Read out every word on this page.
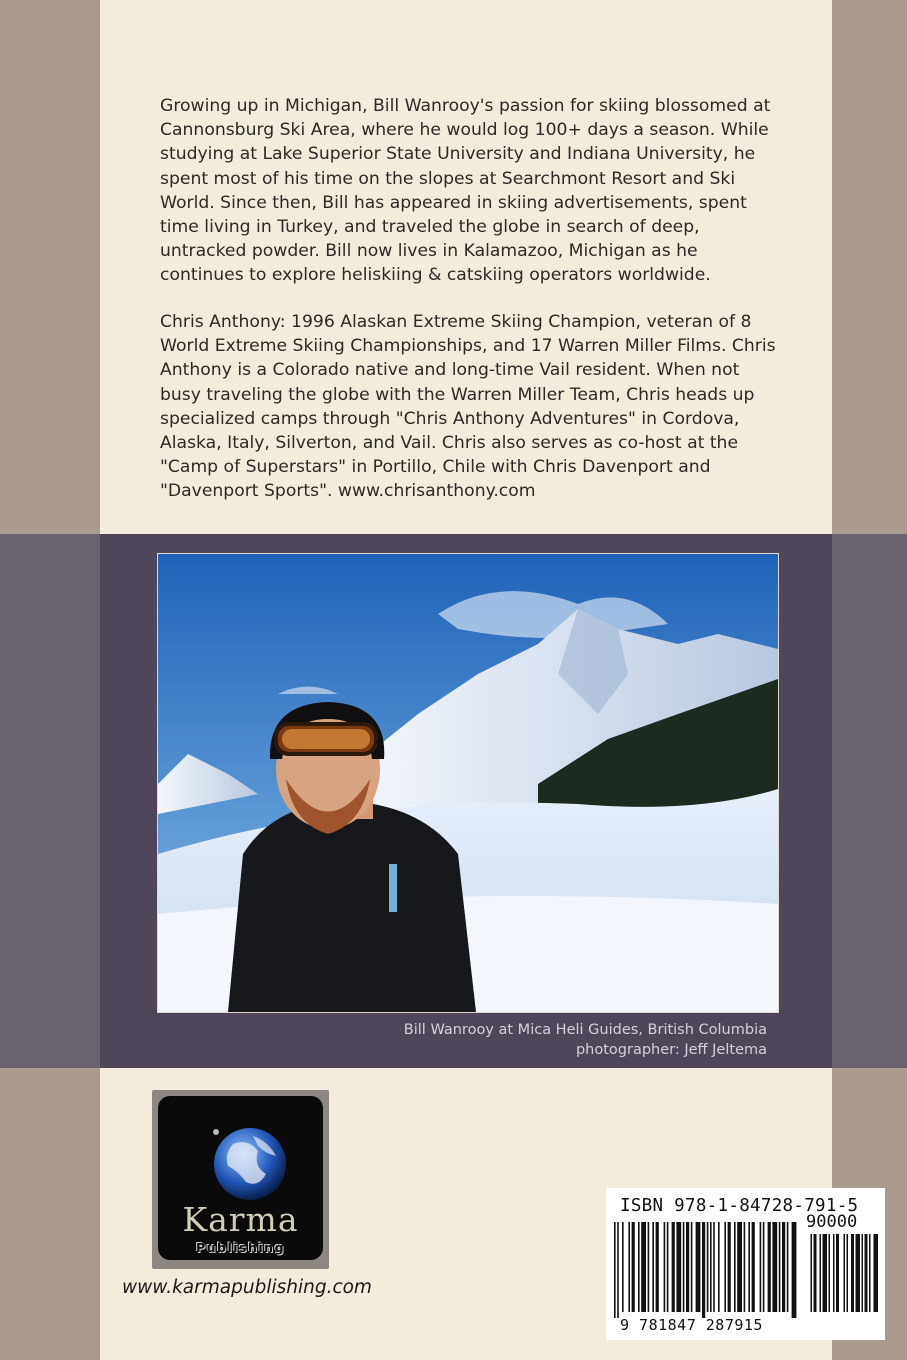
Growing up in Michigan, Bill Wanrooy's passion for skiing blossomed at Cannonsburg Ski Area, where he would log 100+ days a season. While studying at Lake Superior State University and Indiana University, he spent most of his time on the slopes at Searchmont Resort and Ski World. Since then, Bill has appeared in skiing advertisements, spent time living in Turkey, and traveled the globe in search of deep, untracked powder. Bill now lives in Kalamazoo, Michigan as he continues to explore heliskiing & catskiing operators worldwide.

Chris Anthony: 1996 Alaskan Extreme Skiing Champion, veteran of 8 World Extreme Skiing Championships, and 17 Warren Miller Films. Chris Anthony is a Colorado native and long-time Vail resident. When not busy traveling the globe with the Warren Miller Team, Chris heads up specialized camps through "Chris Anthony Adventures" in Cordova, Alaska, Italy, Silverton, and Vail. Chris also serves as co-host at the "Camp of Superstars" in Portillo, Chile with Chris Davenport and "Davenport Sports". www.chrisanthony.com

Bill Wanrooy at Mica Heli Guides, British Columbia
photographer: Jeff Jeltema
Karma
Publishing
www.karmapublishing.com
ISBN 978-1-84728-791-5
90000
9 781847 287915
